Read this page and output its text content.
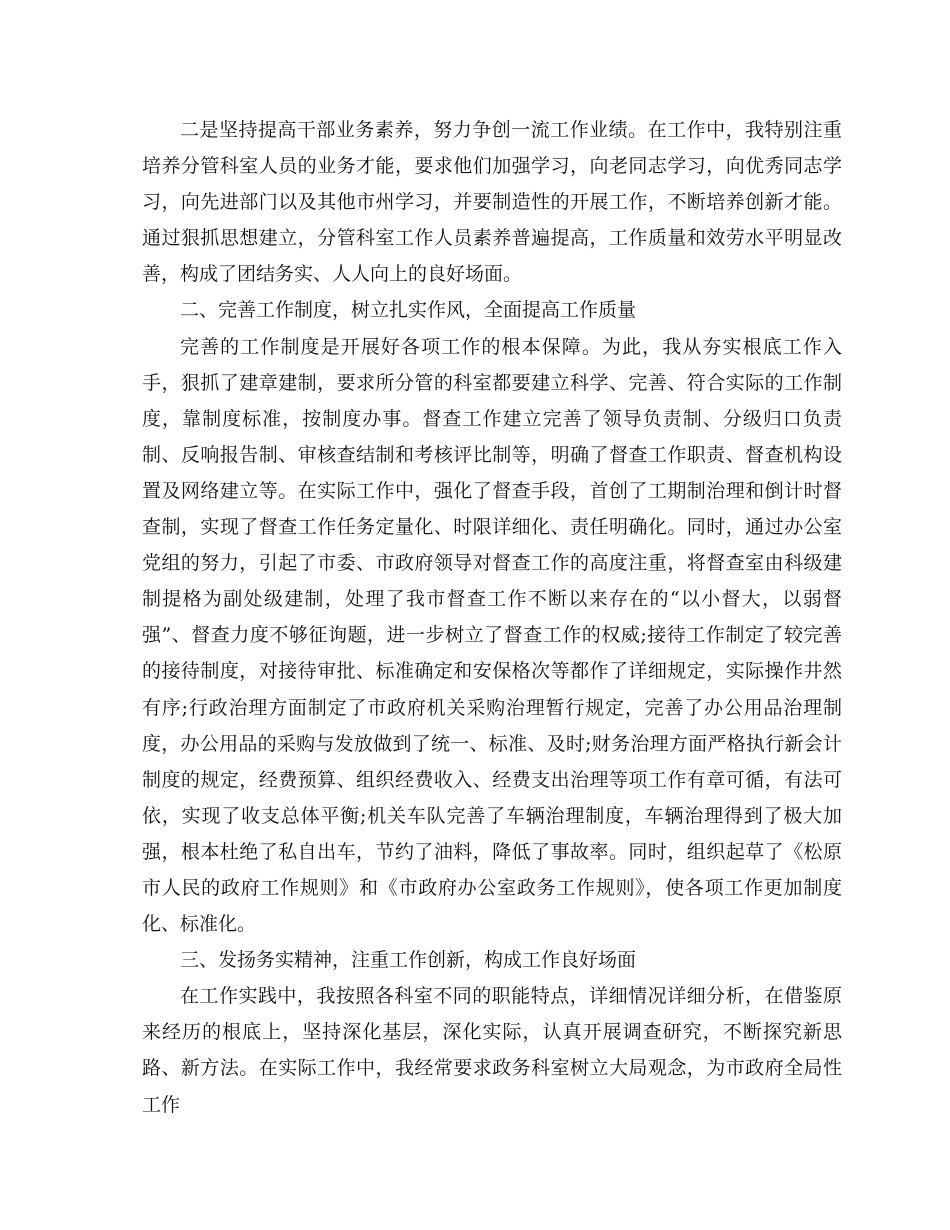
二是坚持提高干部业务素养，努力争创一流工作业绩。在工作中，我特别注重培养分管科室人员的业务才能，要求他们加强学习，向老同志学习，向优秀同志学习，向先进部门以及其他市州学习，并要制造性的开展工作，不断培养创新才能。通过狠抓思想建立，分管科室工作人员素养普遍提高，工作质量和效劳水平明显改善，构成了团结务实、人人向上的良好场面。

二、完善工作制度，树立扎实作风，全面提高工作质量

完善的工作制度是开展好各项工作的根本保障。为此，我从夯实根底工作入手，狠抓了建章建制，要求所分管的科室都要建立科学、完善、符合实际的工作制度，靠制度标准，按制度办事。督查工作建立完善了领导负责制、分级归口负责制、反响报告制、审核查结制和考核评比制等，明确了督查工作职责、督查机构设置及网络建立等。在实际工作中，强化了督查手段，首创了工期制治理和倒计时督查制，实现了督查工作任务定量化、时限详细化、责任明确化。同时，通过办公室党组的努力，引起了市委、市政府领导对督查工作的高度注重，将督查室由科级建制提格为副处级建制，处理了我市督查工作不断以来存在的“以小督大，以弱督强”、督查力度不够征询题，进一步树立了督查工作的权威;接待工作制定了较完善的接待制度，对接待审批、标准确定和安保格次等都作了详细规定，实际操作井然有序;行政治理方面制定了市政府机关采购治理暂行规定，完善了办公用品治理制度，办公用品的采购与发放做到了统一、标准、及时;财务治理方面严格执行新会计制度的规定，经费预算、组织经费收入、经费支出治理等项工作有章可循，有法可依，实现了收支总体平衡;机关车队完善了车辆治理制度，车辆治理得到了极大加强，根本杜绝了私自出车，节约了油料，降低了事故率。同时，组织起草了《松原市人民的政府工作规则》和《市政府办公室政务工作规则》，使各项工作更加制度化、标准化。

三、发扬务实精神，注重工作创新，构成工作良好场面

在工作实践中，我按照各科室不同的职能特点，详细情况详细分析，在借鉴原来经历的根底上，坚持深化基层，深化实际，认真开展调查研究，不断探究新思路、新方法。在实际工作中，我经常要求政务科室树立大局观念，为市政府全局性工作
